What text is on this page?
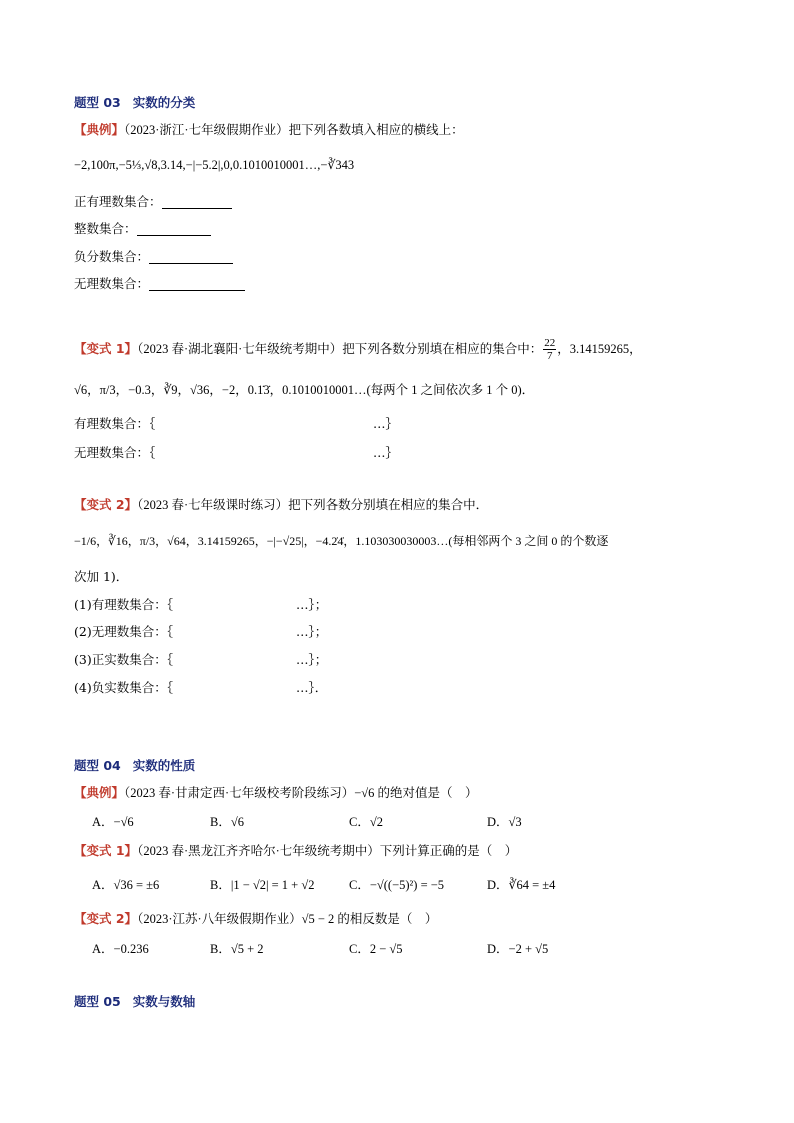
题型 03 实数的分类
【典例】（2023·浙江·七年级假期作业）把下列各数填入相应的横线上：
−2,100π,−5⅓,√8,3.14,−|−5.2|,0,0.1010010001…,−∛343
正有理数集合：
整数集合：
负分数集合：
无理数集合：
【变式 1】（2023 春·湖北襄阳·七年级统考期中）把下列各数分别填在相应的集合中： $\frac{22}{7}$ ，3.14159265，
√6，π/3，−0.3，∛9，√36，−2，0.1̇3̇，0.1010010001…(每两个 1 之间依次多 1 个 0)．
有理数集合：｛	…｝
无理数集合：｛	…｝
【变式 2】（2023 春·七年级课时练习）把下列各数分别填在相应的集合中．
−1/6，∛16，π/3，√64，3.14159265，−|−√25|，−4.2̇4̇，1.103030030003…(每相邻两个 3 之间 0 的个数逐
次加 1)．
(1)有理数集合：｛	…｝；
(2)无理数集合：｛	…｝；
(3)正实数集合：｛	…｝；
(4)负实数集合：｛	…｝．
题型 04 实数的性质
【典例】（2023 春·甘肃定西·七年级校考阶段练习）−√6 的绝对值是（　）
A．−√6	B．√6	C．√2	D．√3
【变式 1】（2023 春·黑龙江齐齐哈尔·七年级统考期中）下列计算正确的是（　）
A．√36 = ±6	B．|1 − √2| = 1 + √2	C．−√((−5)²) = −5	D．∛64 = ±4
【变式 2】（2023·江苏·八年级假期作业）√5 − 2 的相反数是（　）
A．−0.236	B．√5 + 2	C．2 − √5	D．−2 + √5
题型 05 实数与数轴
